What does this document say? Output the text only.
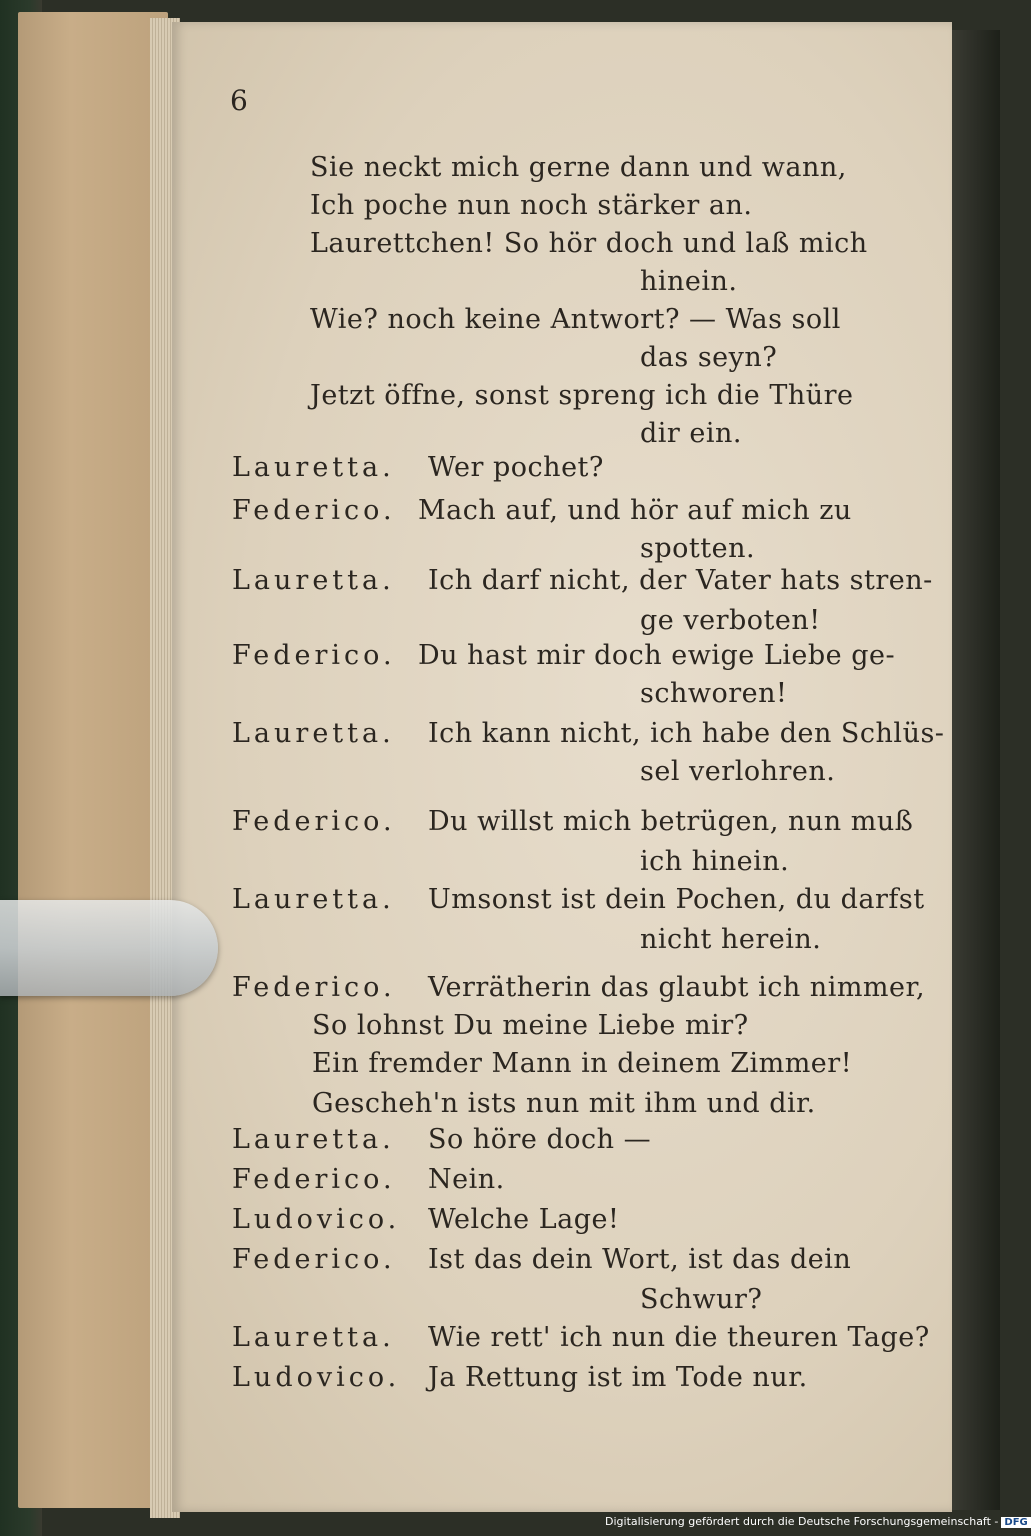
6
Sie neckt mich gerne dann und wann,
Ich poche nun noch stärker an.
Laurettchen! So hör doch und laß mich
hinein.
Wie? noch keine Antwort? — Was soll
das seyn?
Jetzt öffne, sonst spreng ich die Thüre
dir ein.
Lauretta. Wer pochet?
Federico. Mach auf, und hör auf mich zu
spotten.
Lauretta. Ich darf nicht, der Vater hats stren-
ge verboten!
Federico. Du hast mir doch ewige Liebe ge-
schworen!
Lauretta. Ich kann nicht, ich habe den Schlüs-
sel verlohren.
Federico. Du willst mich betrügen, nun muß
ich hinein.
Lauretta. Umsonst ist dein Pochen, du darfst
nicht herein.
Federico. Verrätherin das glaubt ich nimmer,
So lohnst Du meine Liebe mir?
Ein fremder Mann in deinem Zimmer!
Gescheh'n ists nun mit ihm und dir.
Lauretta. So höre doch —
Federico. Nein.
Ludovico. Welche Lage!
Federico. Ist das dein Wort, ist das dein
Schwur?
Lauretta. Wie rett' ich nun die theuren Tage?
Ludovico. Ja Rettung ist im Tode nur.
Digitalisierung gefördert durch die Deutsche Forschungsgemeinschaft - DFG
